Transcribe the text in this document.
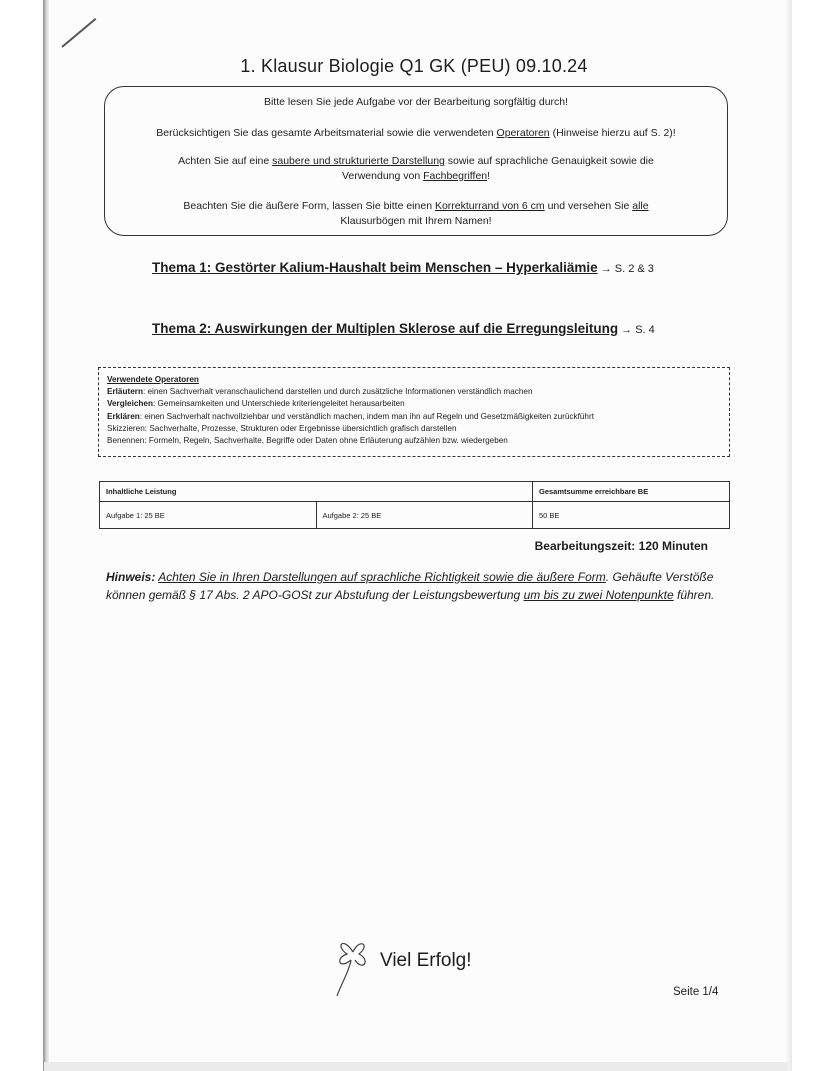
1. Klausur Biologie Q1 GK (PEU) 09.10.24

Bitte lesen Sie jede Aufgabe vor der Bearbeitung sorgfältig durch!

Berücksichtigen Sie das gesamte Arbeitsmaterial sowie die verwendeten Operatoren (Hinweise hierzu auf S. 2)!

Achten Sie auf eine saubere und strukturierte Darstellung sowie auf sprachliche Genauigkeit sowie die

Verwendung von Fachbegriffen!

Beachten Sie die äußere Form, lassen Sie bitte einen Korrekturrand von 6 cm und versehen Sie alle

Klausurbögen mit Ihrem Namen!

Thema 1: Gestörter Kalium-Haushalt beim Menschen – Hyperkaliämie → S. 2 & 3
Thema 2: Auswirkungen der Multiplen Sklerose auf die Erregungsleitung → S. 4
Verwendete Operatoren
Erläutern: einen Sachverhalt veranschaulichend darstellen und durch zusätzliche Informationen verständlich machen
Vergleichen: Gemeinsamkeiten und Unterschiede kriteriengeleitet herausarbeiten
Erklären: einen Sachverhalt nachvollziehbar und verständlich machen, indem man ihn auf Regeln und Gesetzmäßigkeiten zurückführt
Skizzieren: Sachverhalte, Prozesse, Strukturen oder Ergebnisse übersichtlich grafisch darstellen
Benennen: Formeln, Regeln, Sachverhalte, Begriffe oder Daten ohne Erläuterung aufzählen bzw. wiedergeben
Inhaltliche Leistung		Gesamtsumme erreichbare BE
Aufgabe 1: 25 BE	Aufgabe 2: 25 BE	50 BE
Bearbeitungszeit: 120 Minuten
Hinweis: Achten Sie in Ihren Darstellungen auf sprachliche Richtigkeit sowie die äußere Form. Gehäufte Verstöße können gemäß § 17 Abs. 2 APO-GOSt zur Abstufung der Leistungsbewertung um bis zu zwei Notenpunkte führen.
Viel Erfolg!
Seite 1/4
